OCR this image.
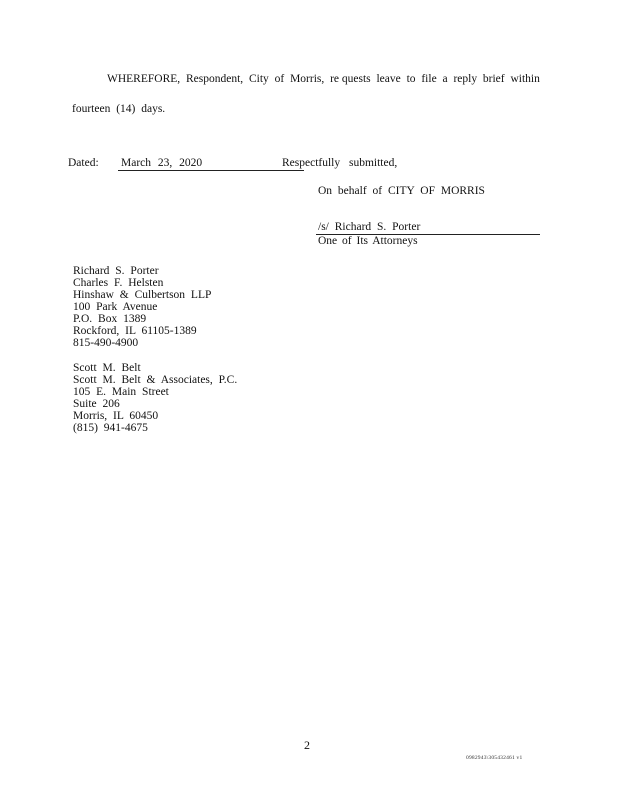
WHEREFORE, Respondent, City of Morris, re quests leave to file a reply brief within
fourteen (14) days.
Dated: March 23, 2020	Respectfully submitted,
On behalf of CITY OF MORRIS
/s/ Richard S. Porter
One of Its Attorneys
Richard S. Porter
Charles F. Helsten
Hinshaw & Culbertson LLP
100 Park Avenue
P.O. Box 1389
Rockford, IL 61105-1389
815-490-4900
Scott M. Belt
Scott M. Belt & Associates, P.C.
105 E. Main Street
Suite 206
Morris, IL 60450
(815) 941-4675
2
0982943\305432461 v1
